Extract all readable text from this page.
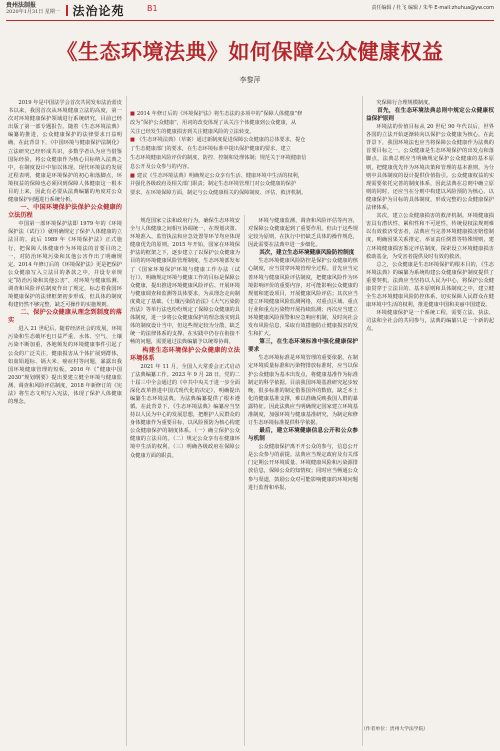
贵州法制报
2020年1月31日 星期一	法治论苑	B1	责任编辑 / 杜飞 编辑 / 朱华 E-mail:zhuhua@yw.com
《生态环境法典》如何保障公众健康权益
李黎萍
■ 2014 年修订后的《环境保护法》将生态法的多项中的“保障人体健康”修
改为“保护公众健康”，用词的改变体现了从关注个体健康到公众健康，从
关注已经发生的健康损害到关注健康风险的立法转变。
■ 《生态环境法典》（草案）通过新制度促进保障公众健康的总体要求，提仓
了生态健康部门的要求，在生态环境标准中提出保护健康的要求，建立
生态环境健康风险评价的制度，防控、控制和处理体制；规范关于环境健康信
息公开及公众参与的内容。
■ 建议《生态环境法典》明确规定公众享有生活、健康环境中生活的权利，
并强化各级政府及相关部门职责；制定生态环境管理门对公众健康的保护
要求。在环境保障方面，制定与公众健康相关的保障制度、评估、救济机制。

2019 年是中国法学会首次共同发布法治蓝皮书以来，我国首次从环境健康立法的高度，第一次对环境健康保护领域进行系统研究，目前已经出版了第一部专题报告。随着《生态环境法典》编纂的推进，公众健康保护的法律要求日益明确，在此背景下，《中国环境与健康保护法制化》立法研究已经形成共识，多数学者认为应当借鉴国际经验，将公众健康作为核心目标纳入法典之中，在制度设计中加以体现。现代环境法的发展过程表明，健康是环境保护的初心和落脚点，环境权益的保障也必须回到保障人体健康这一根本目的上来，因此有必要从法典编纂的角度对公众健康保护问题进行系统分析。

一、中国环境保护法保护公众健康的立法历程

中国第一部环境保护法即 1979 年的《环境保护法（试行）》就明确规定了保护人体健康的立法目的。此后 1989 年《环境保护法》正式施行，把保障人体健康作为环境法的首要目的之一，对防治环境污染和其他公害作出了明确规定。2014 年修订后的《环境保护法》更是把保护公众健康写入立法目的条款之中，并设专章规定“防治污染和其他公害”，对环境与健康监测、调查和风险评估制度作出了规定，标志着我国环境健康保护的法律框架初步形成，但具体的制度构建仍然不够完整，缺乏可操作的实施规则。

二、保护公众健康从理念到制度的落实

进入 21 世纪后，随着经济社会的发展，环境污染和生态破坏也日益严重，水体、空气、土壤污染不断加重，各地频发的环境健康事件引起了公众的广泛关注，健康损害从个体扩展到群体，如血铅超标、镉大米、癌症村等问题，暴露出我国环境健康管理的短板。2016 年《“健康中国 2030”规划纲要》提出要建立健全环境与健康监测、调查和风险评估制度，2018 年新修订的《宪法》将生态文明写入宪法，体现了保护人体健康的理念。

规范国家立法和政府行为，确保生态环境安全与人体健康之间相互协调统一，在规划决策、环境准入、监管执法和应急处置等环节均应体现健康优先的原则。2015 年开始，国家在环境保护法的框架之下，逐步建立了以保护公众健康为目的的环境健康风险管理制度，生态环境部发布了《国家环境保护环境与健康工作办法（试行）》，明确规定环境与健康工作的目标是保障公众健康，提出推进环境健康风险评估、开展环境与健康调查和监测等具体要求，为从理念走向制度奠定了基础。《土壤污染防治法》《大气污染防治法》等单行法也纷纷规定了保障公众健康的具体制度，进一步将公众健康保护的理念落实到具体的制度设计当中，但这些规定较为分散，缺乏统一的法律体系的支撑，在实践中仍存在衔接不畅的问题，需要通过法典编纂予以统筹协调。

构建生态环境保护公众健康的立法环境体系

2021 年 11 月，全国人大常委会正式启动了法典编纂工作。2023 年 9 月 28 日，党的二十届三中全会通过的《中共中央关于进一步全面深化改革推进中国式现代化的决定》，明确提出编纂生态环境法典，为法典编纂提供了根本遵循。在此背景下，《生态环境法典》编纂应当坚持以人民为中心的发展思想，把维护人民群众的身体健康作为重要目标，以风险预防为核心构建公众健康保护的制度体系。（一）确立保护公众健康的立法目的。（二）规定公众享有在健康环境中生活的权利。（三）明确各级政府在保障公众健康方面的职责。

环境与健康监测、调查和风险评估等内容，对保障公众健康起到了重要作用。但由于这些规定较为原则，在执行中仍缺乏具体的操作规范，因此需要在法典中进一步细化。

其次，建立生态环境健康风险防控制度

生态环境健康风险防控是保护公众健康的核心制度，应当贯穿环境管理全过程。首先应当完善环境与健康风险评估制度，把健康风险作为环境影响评价的重要内容，对可能影响公众健康的规划和建设项目，开展健康风险评估；其次应当建立环境健康风险监测网络，对重点区域、重点行业和重点污染物开展持续监测；再次应当建立环境健康风险预警和应急响应机制，及时向社会发布风险信息，采取有效措施防止健康损害的发生和扩大。

第三，在生态环境标准中强化健康保护要求

生态环境标准是环境管理的重要依据，在制定环境质量标准和污染物排放标准时，应当以保护公众健康为基本出发点，将健康基准作为标准制定的科学依据。目前我国环境基准研究起步较晚，很多标准的制定借鉴国外的数值，缺乏本土化的健康基准支撑，难以准确反映我国人群的暴露特征。因此法典应当明确规定国家建立环境基准制度，加强环境与健康基准研究，为制定和修订生态环境标准提供科学依据。

最后，建立环境健康信息公开和公众参与机制

公众健康保护离不开公众的参与，信息公开是公众参与的前提。法典应当规定政府及有关部门定期公开环境质量、环境健康风险和污染源排放信息，保障公众的知情权；同时应当畅通公众参与渠道，鼓励公众对可能影响健康的环境问题进行监督和举报。

究保障行合理规模制度。

首先，在生态环境法典总则中规定公众健康权益保护原则

环境法的价值目标从 20 世纪 90 年代以后，世界各国的立法开始逐渐转向以保护公众健康为核心，在此背景下，我国环境法也应当将保障公众健康作为法典的首要目标之一。公众健康是生态环境保护的出发点和落脚点，法典总则应当明确规定保护公众健康的基本原则，把健康优先作为环境决策和管理的基本准则，为分则中具体制度的设计提供价值指引。公众健康权益的实现需要依托完善的制度体系，因此法典在总则中确立原则的同时，还应当在分则中构建以风险预防为核心、以健康保护为目标的具体制度，形成完整的公众健康保护法律体系。

其次，建立公众健康损害的救济机制。环境健康损害具有潜伏性、累积性和不可逆性，传统侵权法规则难以有效救济受害者，法典应当完善环境健康损害赔偿制度，明确因果关系推定、举证责任倒置等特殊规则，建立环境健康损害鉴定评估制度，探索设立环境健康损害救助基金，为受害者提供及时有效的救济。

总之，公众健康是生态环境保护的根本目的，《生态环境法典》的编纂为系统构建公众健康保护制度提供了重要契机。法典应当坚持以人民为中心，将保护公众健康贯穿于立法目的、基本原则和具体制度之中，建立健全生态环境健康风险防控体系，切实保障人民群众在健康环境中生活的权利，推进健康中国和美丽中国建设。

环境健康保护是一个系统工程，需要立法、执法、司法和全社会的共同参与，法典的编纂只是一个新的起点。

（作者单位：贵州大学法学院）
